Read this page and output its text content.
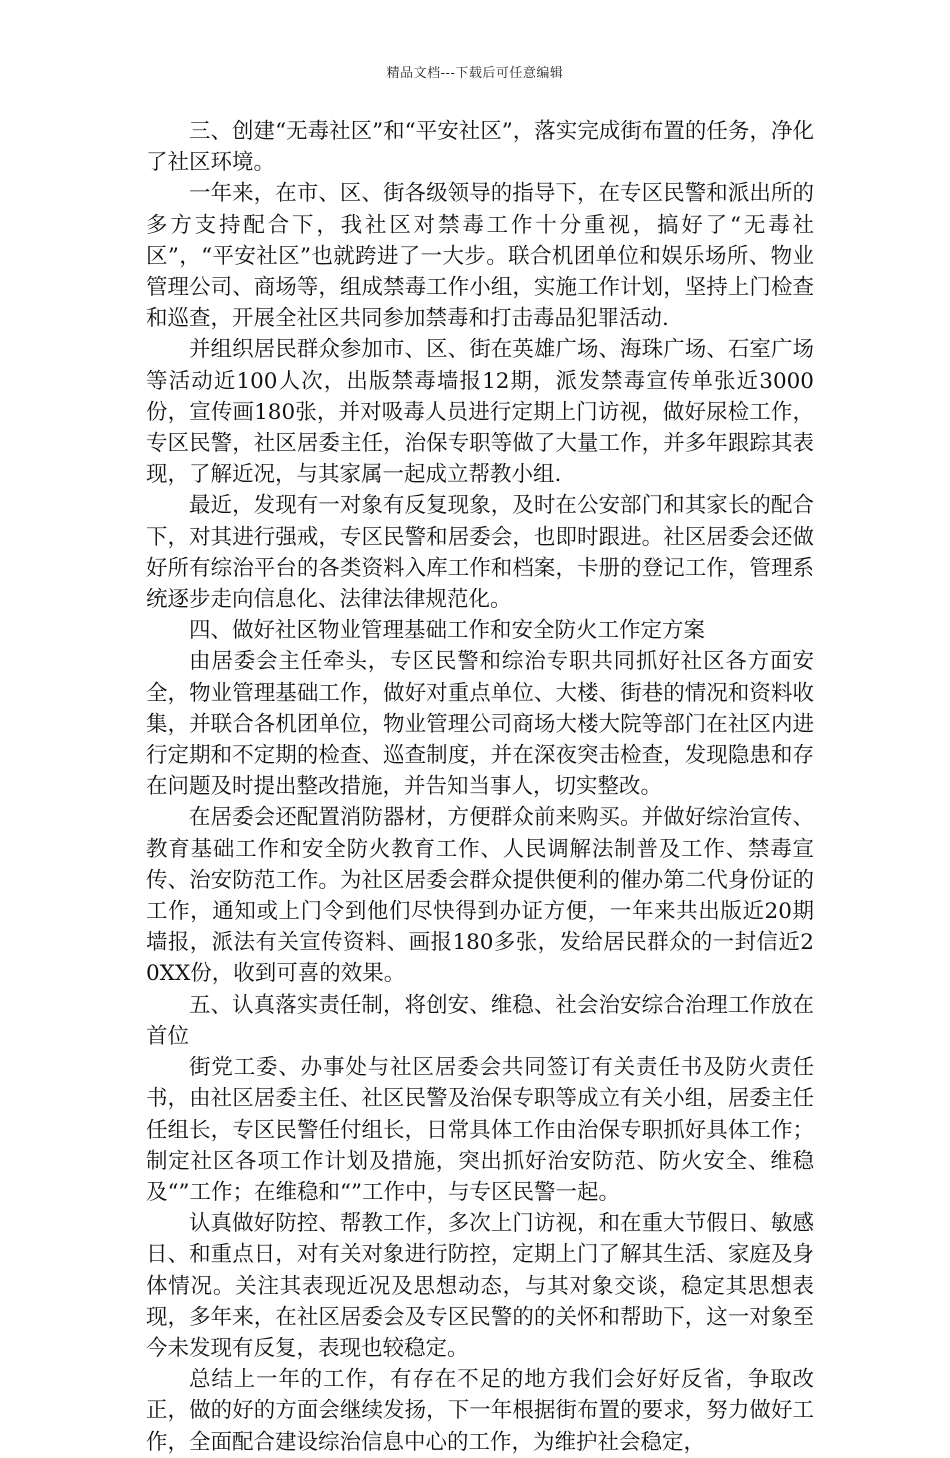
精品文档---下载后可任意编辑

三、创建“无毒社区”和“平安社区”，落实完成街布置的任务，净化了社区环境。

一年来，在市、区、街各级领导的指导下，在专区民警和派出所的多方支持配合下，我社区对禁毒工作十分重视，搞好了“无毒社区”，“平安社区”也就跨进了一大步。联合机团单位和娱乐场所、物业管理公司、商场等，组成禁毒工作小组，实施工作计划，坚持上门检查和巡查，开展全社区共同参加禁毒和打击毒品犯罪活动.

并组织居民群众参加市、区、街在英雄广场、海珠广场、石室广场等活动近100人次，出版禁毒墙报12期，派发禁毒宣传单张近3000份，宣传画180张，并对吸毒人员进行定期上门访视，做好尿检工作，专区民警，社区居委主任，治保专职等做了大量工作，并多年跟踪其表现，了解近况，与其家属一起成立帮教小组.

最近，发现有一对象有反复现象，及时在公安部门和其家长的配合下，对其进行强戒，专区民警和居委会，也即时跟进。社区居委会还做好所有综治平台的各类资料入库工作和档案，卡册的登记工作，管理系统逐步走向信息化、法律法律规范化。

四、做好社区物业管理基础工作和安全防火工作定方案

由居委会主任牵头，专区民警和综治专职共同抓好社区各方面安全，物业管理基础工作，做好对重点单位、大楼、街巷的情况和资料收集，并联合各机团单位，物业管理公司商场大楼大院等部门在社区内进行定期和不定期的检查、巡查制度，并在深夜突击检查，发现隐患和存在问题及时提出整改措施，并告知当事人，切实整改。

在居委会还配置消防器材，方便群众前来购买。并做好综治宣传、教育基础工作和安全防火教育工作、人民调解法制普及工作、禁毒宣传、治安防范工作。为社区居委会群众提供便利的催办第二代身份证的工作，通知或上门令到他们尽快得到办证方便，一年来共出版近20期墙报，派法有关宣传资料、画报180多张，发给居民群众的一封信近20XX份，收到可喜的效果。

五、认真落实责任制，将创安、维稳、社会治安综合治理工作放在首位

街党工委、办事处与社区居委会共同签订有关责任书及防火责任书，由社区居委主任、社区民警及治保专职等成立有关小组，居委主任任组长，专区民警任付组长，日常具体工作由治保专职抓好具体工作；制定社区各项工作计划及措施，突出抓好治安防范、防火安全、维稳及“”工作；在维稳和“”工作中，与专区民警一起。

认真做好防控、帮教工作，多次上门访视，和在重大节假日、敏感日、和重点日，对有关对象进行防控，定期上门了解其生活、家庭及身体情况。关注其表现近况及思想动态，与其对象交谈，稳定其思想表现，多年来，在社区居委会及专区民警的的关怀和帮助下，这一对象至今未发现有反复，表现也较稳定。

总结上一年的工作，有存在不足的地方我们会好好反省，争取改正，做的好的方面会继续发扬，下一年根据街布置的要求，努力做好工作，全面配合建设综治信息中心的工作，为维护社会稳定，
